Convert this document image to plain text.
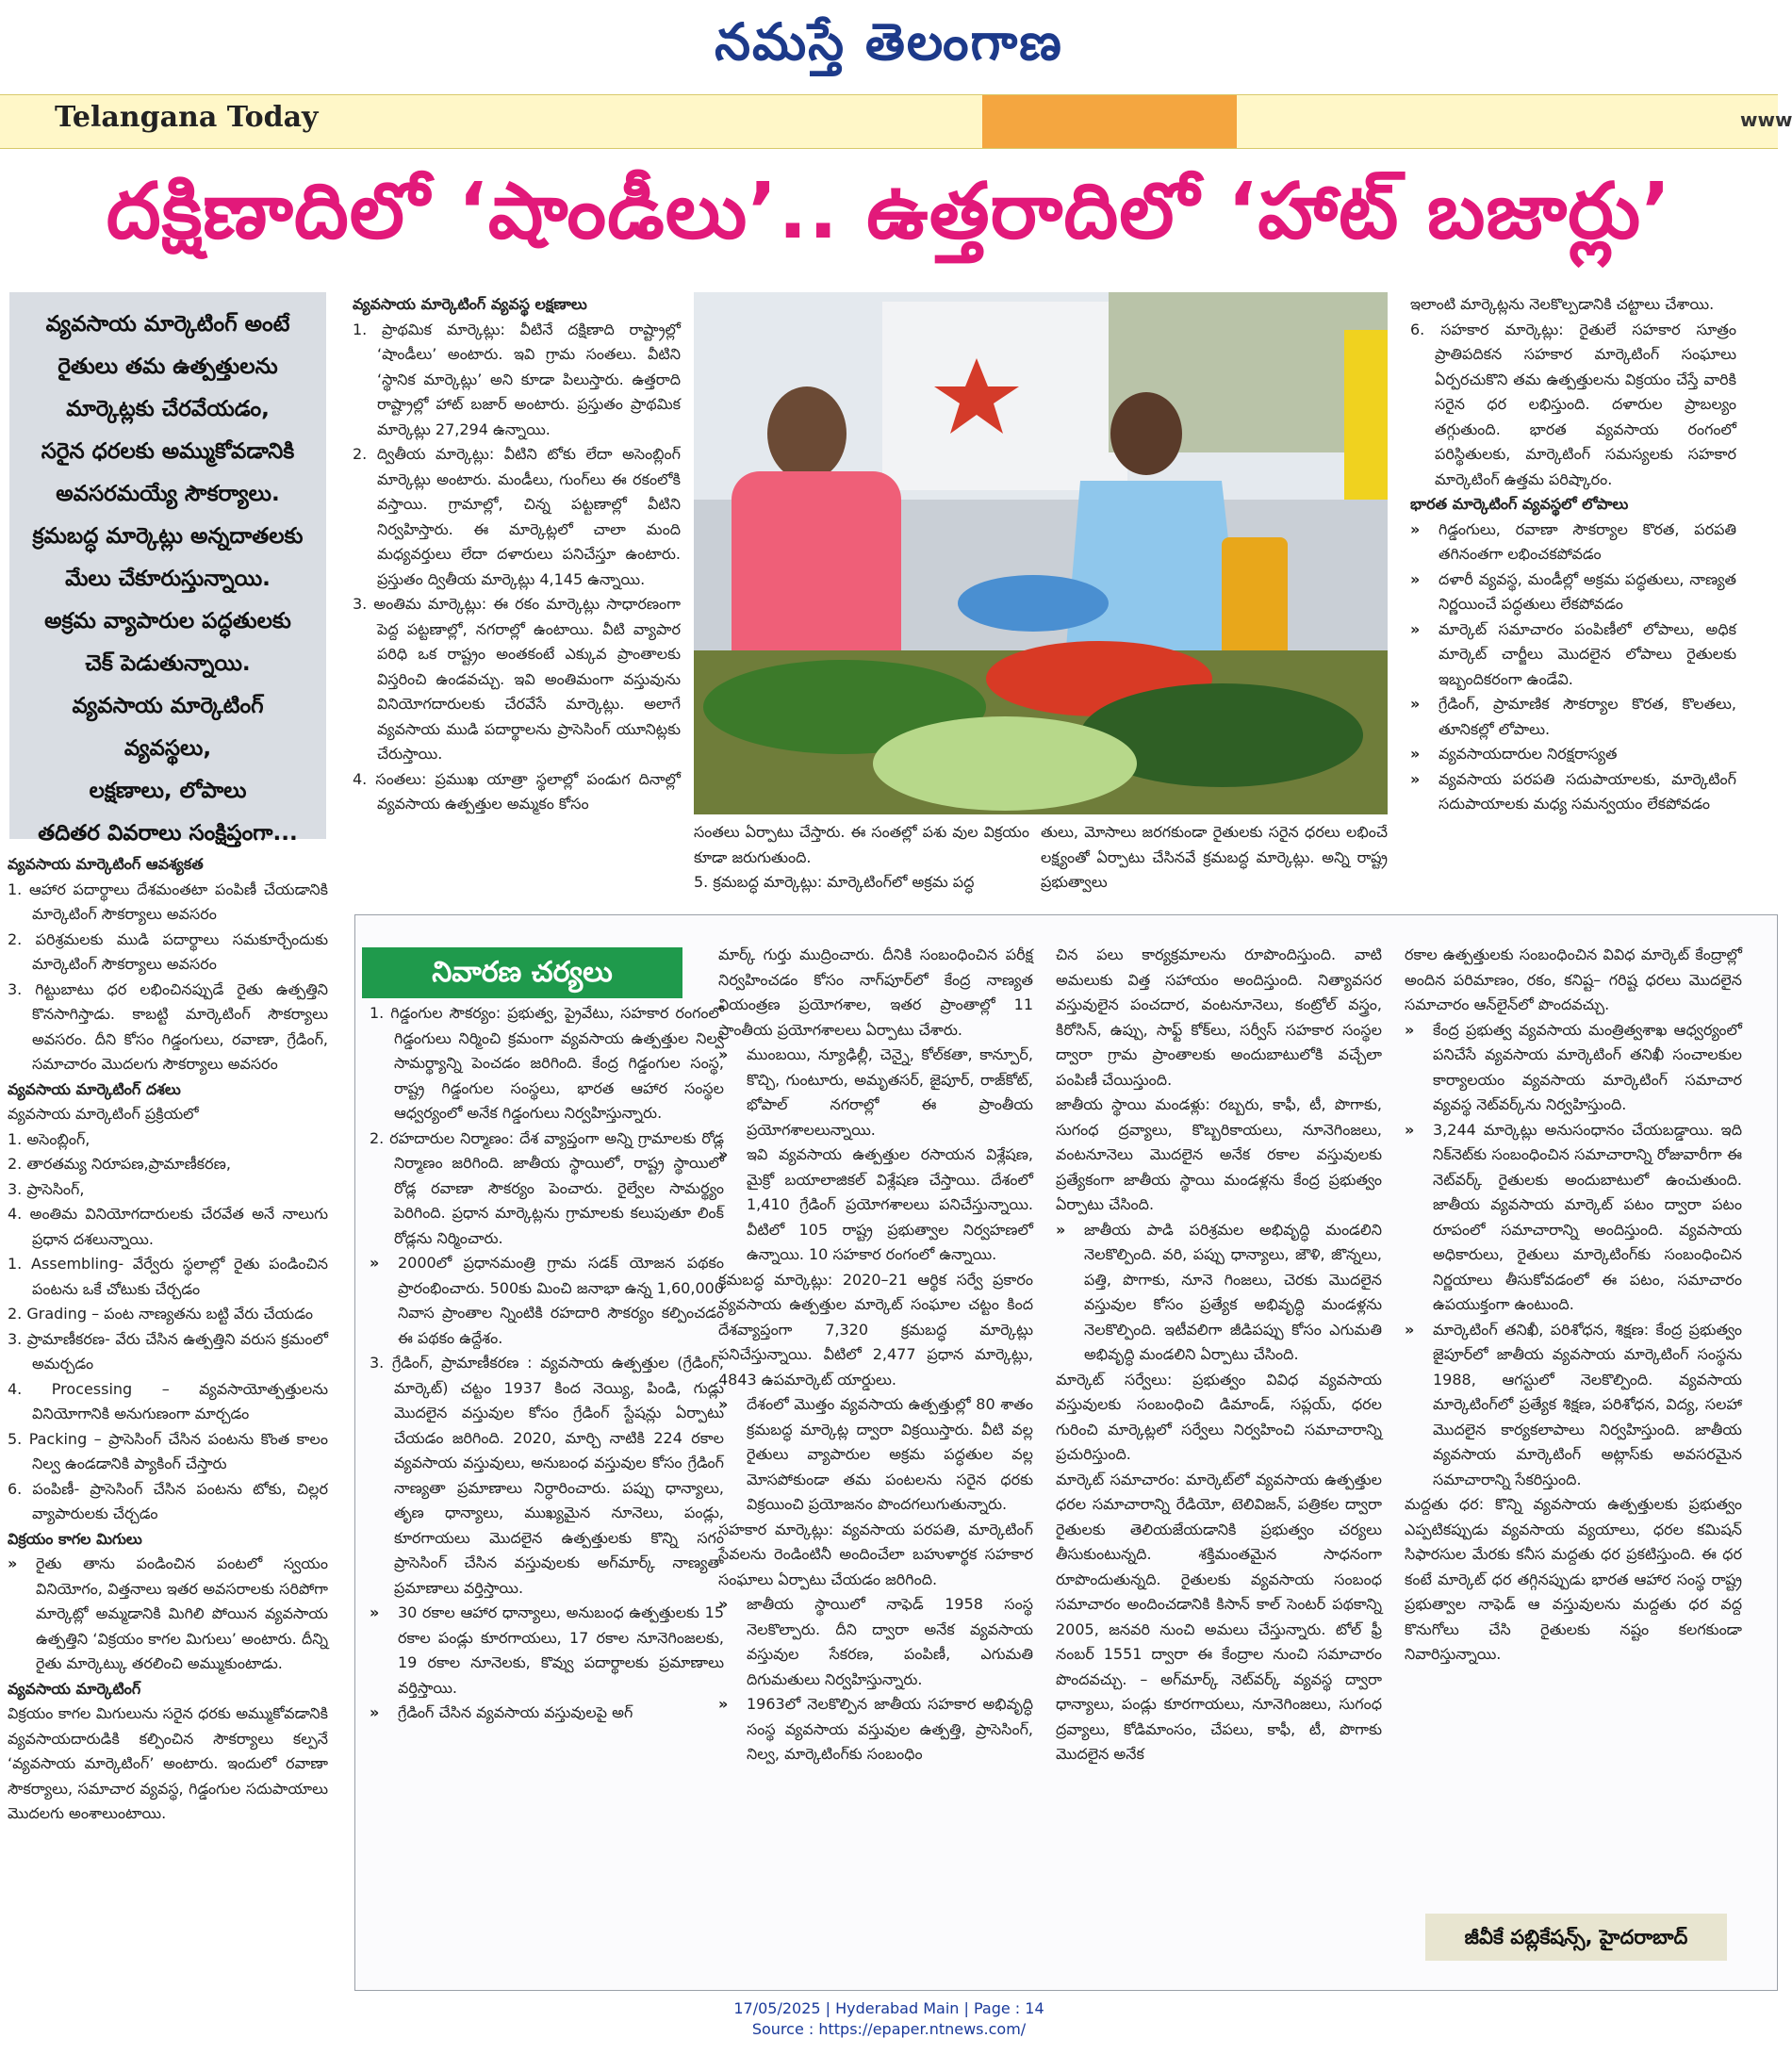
నమస్తే తెలంగాణ
Telangana Today	www
దక్షిణాదిలో ‘షాండీలు’.. ఉత్తరాదిలో ‘హాట్ బజార్లు’

వ్యవసాయ మార్కెటింగ్ అంటే

రైతులు తమ ఉత్పత్తులను

మార్కెట్లకు చేరవేయడం,

సరైన ధరలకు అమ్ముకోవడానికి

అవసరమయ్యే సౌకర్యాలు.

క్రమబద్ధ మార్కెట్లు అన్నదాతలకు

మేలు చేకూరుస్తున్నాయి.

అక్రమ వ్యాపారుల పద్ధతులకు

చెక్ పెడుతున్నాయి.

వ్యవసాయ మార్కెటింగ్ వ్యవస్థలు,

లక్షణాలు, లోపాలు

తదితర వివరాలు సంక్షిప్తంగా...

వ్యవసాయ మార్కెటింగ్ ఆవశ్యకత

1. ఆహార పదార్థాలు దేశమంతటా పంపిణీ చేయడానికి మార్కెటింగ్ సౌకర్యాలు అవసరం

2. పరిశ్రమలకు ముడి పదార్థాలు సమకూర్చేందుకు మార్కెటింగ్ సౌకర్యాలు అవసరం

3. గిట్టుబాటు ధర లభించినప్పుడే రైతు ఉత్పత్తిని కొనసాగిస్తాడు. కాబట్టి మార్కెటింగ్ సౌకర్యాలు అవసరం. దీని కోసం గిడ్డంగులు, రవాణా, గ్రేడింగ్, సమాచారం మొదలగు సౌకర్యాలు అవసరం

వ్యవసాయ మార్కెటింగ్ దశలు

వ్యవసాయ మార్కెటింగ్ ప్రక్రియలో

1. అసెంబ్లింగ్,

2. తారతమ్య నిరూపణ,ప్రామాణీకరణ,

3. ప్రాసెసింగ్,

4. అంతిమ వినియోగదారులకు చేరవేత అనే నాలుగు ప్రధాన దశలున్నాయి.

1. Assembling- వేర్వేరు స్థలాల్లో రైతు పండించిన పంటను ఒకే చోటుకు చేర్చడం

2. Grading – పంట నాణ్యతను బట్టి వేరు చేయడం

3. ప్రామాణీకరణ- వేరు చేసిన ఉత్పత్తిని వరుస క్రమంలో అమర్చడం

4. Processing – వ్యవసాయోత్పత్తులను వినియోగానికి అనుగుణంగా మార్చడం

5. Packing – ప్రాసెసింగ్ చేసిన పంటను కొంత కాలం నిల్వ ఉండడానికి ప్యాకింగ్ చేస్తారు

6. పంపిణీ- ప్రాసెసింగ్ చేసిన పంటను టోకు, చిల్లర వ్యాపారులకు చేర్చడం

విక్రయం కాగల మిగులు

» రైతు తాను పండించిన పంటలో స్వయం వినియోగం, విత్తనాలు ఇతర అవసరాలకు సరిపోగా మార్కెట్లో అమ్మడానికి మిగిలి పోయిన వ్యవసాయ ఉత్పత్తిని ‘విక్రయం కాగల మిగులు’ అంటారు. దీన్ని రైతు మార్కెట్కు తరలించి అమ్ముకుంటాడు.

వ్యవసాయ మార్కెటింగ్

విక్రయం కాగల మిగులును సరైన ధరకు అమ్ముకోవడానికి వ్యవసాయదారుడికి కల్పించిన సౌకర్యాలు కల్పనే ‘వ్యవసాయ మార్కెటింగ్’ అంటారు. ఇందులో రవాణా సౌకర్యాలు, సమాచార వ్యవస్థ, గిడ్డంగుల సదుపాయాలు మొదలగు అంశాలుంటాయి.

వ్యవసాయ మార్కెటింగ్ వ్యవస్థ లక్షణాలు

1. ప్రాథమిక మార్కెట్లు: వీటినే దక్షిణాది రాష్ట్రాల్లో ‘షాండీలు’ అంటారు. ఇవి గ్రామ సంతలు. వీటిని ‘స్థానిక మార్కెట్లు’ అని కూడా పిలుస్తారు. ఉత్తరాది రాష్ట్రాల్లో హాట్ బజార్ అంటారు. ప్రస్తుతం ప్రాథమిక మార్కెట్లు 27,294 ఉన్నాయి.

2. ద్వితీయ మార్కెట్లు: వీటిని టోకు లేదా అసెంబ్లింగ్ మార్కెట్లు అంటారు. మండీలు, గుంగ్‌లు ఈ రకంలోకి వస్తాయి. గ్రామాల్లో, చిన్న పట్టణాల్లో వీటిని నిర్వహిస్తారు. ఈ మార్కెట్లలో చాలా మంది మధ్యవర్తులు లేదా దళారులు పనిచేస్తూ ఉంటారు. ప్రస్తుతం ద్వితీయ మార్కెట్లు 4,145 ఉన్నాయి.

3. అంతిమ మార్కెట్లు: ఈ రకం మార్కెట్లు సాధారణంగా పెద్ద పట్టణాల్లో, నగరాల్లో ఉంటాయి. వీటి వ్యాపార పరిధి ఒక రాష్ట్రం అంతకంటే ఎక్కువ ప్రాంతాలకు విస్తరించి ఉండవచ్చు. ఇవి అంతిమంగా వస్తువును వినియోగదారులకు చేరవేసే మార్కెట్లు. అలాగే వ్యవసాయ ముడి పదార్థాలను ప్రాసెసింగ్ యూనిట్లకు చేరుస్తాయి.

4. సంతలు: ప్రముఖ యాత్రా స్థలాల్లో పండుగ దినాల్లో వ్యవసాయ ఉత్పత్తుల అమ్మకం కోసం

సంతలు ఏర్పాటు చేస్తారు. ఈ సంతల్లో పశు వుల విక్రయం కూడా జరుగుతుంది.

5. క్రమబద్ధ మార్కెట్లు: మార్కెటింగ్‌లో అక్రమ పద్ధ

తులు, మోసాలు జరగకుండా రైతులకు సరైన ధరలు లభించే లక్ష్యంతో ఏర్పాటు చేసినవే క్రమబద్ధ మార్కెట్లు. అన్ని రాష్ట్ర ప్రభుత్వాలు

ఇలాంటి మార్కెట్లను నెలకొల్పడానికి చట్టాలు చేశాయి.

6. సహకార మార్కెట్లు: రైతులే సహకార సూత్రం ప్రాతిపదికన సహకార మార్కెటింగ్ సంఘాలు ఏర్పరచుకొని తమ ఉత్పత్తులను విక్రయం చేస్తే వారికి సరైన ధర లభిస్తుంది. దళారుల ప్రాబల్యం తగ్గుతుంది. భారత వ్యవసాయ రంగంలో పరిస్థితులకు, మార్కెటింగ్ సమస్యలకు సహకార మార్కెటింగ్ ఉత్తమ పరిష్కారం.

భారత మార్కెటింగ్ వ్యవస్థలో లోపాలు

» గిడ్డంగులు, రవాణా సౌకర్యాల కొరత, పరపతి తగినంతగా లభించకపోవడం

» దళారీ వ్యవస్థ, మండీల్లో అక్రమ పద్ధతులు, నాణ్యత నిర్ణయించే పద్ధతులు లేకపోవడం

» మార్కెట్ సమాచారం పంపిణీలో లోపాలు, అధిక మార్కెట్ చార్జీలు మొదలైన లోపాలు రైతులకు ఇబ్బందికరంగా ఉండేవి.

» గ్రేడింగ్, ప్రామాణిక సౌకర్యాల కొరత, కొలతలు, తూనికల్లో లోపాలు.

» వ్యవసాయదారుల నిరక్షరాస్యత

» వ్యవసాయ పరపతి సదుపాయాలకు, మార్కెటింగ్ సదుపాయాలకు మధ్య సమన్వయం లేకపోవడం

నివారణ చర్యలు

1. గిడ్డంగుల సౌకర్యం: ప్రభుత్వ, ప్రైవేటు, సహకార రంగంలో గిడ్డంగులు నిర్మించి క్రమంగా వ్యవసాయ ఉత్పత్తుల నిల్వ సామర్థ్యాన్ని పెంచడం జరిగింది. కేంద్ర గిడ్డంగుల సంస్థ, రాష్ట్ర గిడ్డంగుల సంస్థలు, భారత ఆహార సంస్థల ఆధ్వర్యంలో అనేక గిడ్డంగులు నిర్వహిస్తున్నారు.

2. రహదారుల నిర్మాణం: దేశ వ్యాప్తంగా అన్ని గ్రామాలకు రోడ్ల నిర్మాణం జరిగింది. జాతీయ స్థాయిలో, రాష్ట్ర స్థాయిలో రోడ్ల రవాణా సౌకర్యం పెంచారు. రైల్వేల సామర్థ్యం పెరిగింది. ప్రధాన మార్కెట్లను గ్రామాలకు కలుపుతూ లింక్ రోడ్లను నిర్మించారు.

» 2000లో ప్రధానమంత్రి గ్రామ సడక్ యోజన పథకం ప్రారంభించారు. 500కు మించి జనాభా ఉన్న 1,60,000 నివాస ప్రాంతాల న్నింటికి రహదారి సౌకర్యం కల్పించడం ఈ పథకం ఉద్దేశం.

3. గ్రేడింగ్, ప్రామాణీకరణ : వ్యవసాయ ఉత్పత్తుల (గ్రేడింగ్, మార్కెట్) చట్టం 1937 కింద నెయ్యి, పిండి, గుడ్లు మొదలైన వస్తువుల కోసం గ్రేడింగ్ స్టేషన్లు ఏర్పాటు చేయడం జరిగింది. 2020, మార్చి నాటికి 224 రకాల వ్యవసాయ వస్తువులు, అనుబంధ వస్తువుల కోసం గ్రేడింగ్ నాణ్యతా ప్రమాణాలు నిర్ధారించారు. పప్పు ధాన్యాలు, తృణ ధాన్యాలు, ముఖ్యమైన నూనెలు, పండ్లు, కూరగాయలు మొదలైన ఉత్పత్తులకు కొన్ని సగం ప్రాసెసింగ్ చేసిన వస్తువులకు అగ్‌మార్క్ నాణ్యతా ప్రమాణాలు వర్తిస్తాయి.

» 30 రకాల ఆహార ధాన్యాలు, అనుబంధ ఉత్పత్తులకు 15 రకాల పండ్లు కూరగాయలు, 17 రకాల నూనెగింజలకు, 19 రకాల నూనెలకు, కొవ్వు పదార్థాలకు ప్రమాణాలు వర్తిస్తాయి.

» గ్రేడింగ్ చేసిన వ్యవసాయ వస్తువులపై అగ్

మార్క్ గుర్తు ముద్రించారు. దీనికి సంబంధించిన పరీక్ష నిర్వహించడం కోసం నాగ్‌పూర్‌లో కేంద్ర నాణ్యత నియంత్రణ ప్రయోగశాల, ఇతర ప్రాంతాల్లో 11 ప్రాంతీయ ప్రయోగశాలలు ఏర్పాటు చేశారు.

» ముంబయి, న్యూఢిల్లీ, చెన్నై, కోల్‌కతా, కాన్పూర్, కొచ్చి, గుంటూరు, అమృతసర్, జైపూర్, రాజ్‌కోట్, భోపాల్ నగరాల్లో ఈ ప్రాంతీయ ప్రయోగశాలలున్నాయి.

» ఇవి వ్యవసాయ ఉత్పత్తుల రసాయన విశ్లేషణ, మైక్రో బయాలాజికల్ విశ్లేషణ చేస్తాయి. దేశంలో 1,410 గ్రేడింగ్ ప్రయోగశాలలు పనిచేస్తున్నాయి. వీటిలో 105 రాష్ట్ర ప్రభుత్వాల నిర్వహణలో ఉన్నాయి. 10 సహకార రంగంలో ఉన్నాయి.

క్రమబద్ధ మార్కెట్లు: 2020–21 ఆర్థిక సర్వే ప్రకారం వ్యవసాయ ఉత్పత్తుల మార్కెట్ సంఘాల చట్టం కింద దేశవ్యాప్తంగా 7,320 క్రమబద్ధ మార్కెట్లు పనిచేస్తున్నాయి. వీటిలో 2,477 ప్రధాన మార్కెట్లు, 4843 ఉపమార్కెట్ యార్డులు.

» దేశంలో మొత్తం వ్యవసాయ ఉత్పత్తుల్లో 80 శాతం క్రమబద్ధ మార్కెట్ల ద్వారా విక్రయిస్తారు. వీటి వల్ల రైతులు వ్యాపారుల అక్రమ పద్ధతుల వల్ల మోసపోకుండా తమ పంటలను సరైన ధరకు విక్రయించి ప్రయోజనం పొందగలుగుతున్నారు.

సహకార మార్కెట్లు: వ్యవసాయ పరపతి, మార్కెటింగ్ సేవలను రెండింటినీ అందించేలా బహుళార్థక సహకార సంఘాలు ఏర్పాటు చేయడం జరిగింది.

» జాతీయ స్థాయిలో నాఫెడ్ 1958 సంస్థ నెలకొల్పారు. దీని ద్వారా అనేక వ్యవసాయ వస్తువుల సేకరణ, పంపిణీ, ఎగుమతి దిగుమతులు నిర్వహిస్తున్నారు.

» 1963లో నెలకొల్పిన జాతీయ సహకార అభివృద్ధి సంస్థ వ్యవసాయ వస్తువుల ఉత్పత్తి, ప్రాసెసింగ్, నిల్వ, మార్కెటింగ్‌కు సంబంధిం

చిన పలు కార్యక్రమాలను రూపొందిస్తుంది. వాటి అమలుకు విత్త సహాయం అందిస్తుంది. నిత్యావసర వస్తువులైన పంచదార, వంటనూనెలు, కంట్రోల్ వస్త్రం, కిరోసిన్, ఉప్పు, సాఫ్ట్ కోక్‌లు, సర్వీస్ సహకార సంస్థల ద్వారా గ్రామ ప్రాంతాలకు అందుబాటులోకి వచ్చేలా పంపిణీ చేయిస్తుంది.

జాతీయ స్థాయి మండళ్లు: రబ్బరు, కాఫీ, టీ, పొగాకు, సుగంధ ద్రవ్యాలు, కొబ్బరికాయలు, నూనెగింజలు, వంటనూనెలు మొదలైన అనేక రకాల వస్తువులకు ప్రత్యేకంగా జాతీయ స్థాయి మండళ్లను కేంద్ర ప్రభుత్వం ఏర్పాటు చేసింది.

» జాతీయ పాడి పరిశ్రమల అభివృద్ధి మండలిని నెలకొల్పింది. వరి, పప్పు ధాన్యాలు, జౌళి, జొన్నలు, పత్తి, పొగాకు, నూనె గింజలు, చెరకు మొదలైన వస్తువుల కోసం ప్రత్యేక అభివృద్ధి మండళ్లను నెలకొల్పింది. ఇటీవలిగా జీడిపప్పు కోసం ఎగుమతి అభివృద్ధి మండలిని ఏర్పాటు చేసింది.

మార్కెట్ సర్వేలు: ప్రభుత్వం వివిధ వ్యవసాయ వస్తువులకు సంబంధించి డిమాండ్, సప్లయ్, ధరల గురించి మార్కెట్లలో సర్వేలు నిర్వహించి సమాచారాన్ని ప్రచురిస్తుంది.

మార్కెట్ సమాచారం: మార్కెట్‌లో వ్యవసాయ ఉత్పత్తుల ధరల సమాచారాన్ని రేడియో, టెలివిజన్, పత్రికల ద్వారా రైతులకు తెలియజేయడానికి ప్రభుత్వం చర్యలు తీసుకుంటున్నది. శక్తిమంతమైన సాధనంగా రూపొందుతున్నది. రైతులకు వ్యవసాయ సంబంధ సమాచారం అందించడానికి కిసాన్ కాల్ సెంటర్ పథకాన్ని 2005, జనవరి నుంచి అమలు చేస్తున్నారు. టోల్ ఫ్రీ నంబర్ 1551 ద్వారా ఈ కేంద్రాల నుంచి సమాచారం పొందవచ్చు. – అగ్‌మార్క్ నెట్‌వర్క్ వ్యవస్థ ద్వారా ధాన్యాలు, పండ్లు కూరగాయలు, నూనెగింజలు, సుగంధ ద్రవ్యాలు, కోడిమాంసం, చేపలు, కాఫీ, టీ, పొగాకు మొదలైన అనేక

రకాల ఉత్పత్తులకు సంబంధించిన వివిధ మార్కెట్ కేంద్రాల్లో అందిన పరిమాణం, రకం, కనిష్ట– గరిష్ట ధరలు మొదలైన సమాచారం ఆన్‌లైన్‌లో పొందవచ్చు.

» కేంద్ర ప్రభుత్వ వ్యవసాయ మంత్రిత్వశాఖ ఆధ్వర్యంలో పనిచేసే వ్యవసాయ మార్కెటింగ్ తనిఖీ సంచాలకుల కార్యాలయం వ్యవసాయ మార్కెటింగ్ సమాచార వ్యవస్థ నెట్‌వర్క్‌ను నిర్వహిస్తుంది.

» 3,244 మార్కెట్లు అనుసంధానం చేయబడ్డాయి. ఇది నిక్‌నెట్‌కు సంబంధించిన సమాచారాన్ని రోజువారీగా ఈ నెట్‌వర్క్ రైతులకు అందుబాటులో ఉంచుతుంది. జాతీయ వ్యవసాయ మార్కెట్ పటం ద్వారా పటం రూపంలో సమాచారాన్ని అందిస్తుంది. వ్యవసాయ అధికారులు, రైతులు మార్కెటింగ్‌కు సంబంధించిన నిర్ణయాలు తీసుకోవడంలో ఈ పటం, సమాచారం ఉపయుక్తంగా ఉంటుంది.

» మార్కెటింగ్ తనిఖీ, పరిశోధన, శిక్షణ: కేంద్ర ప్రభుత్వం జైపూర్‌లో జాతీయ వ్యవసాయ మార్కెటింగ్ సంస్థను 1988, ఆగస్టులో నెలకొల్పింది. వ్యవసాయ మార్కెటింగ్‌లో ప్రత్యేక శిక్షణ, పరిశోధన, విద్య, సలహా మొదలైన కార్యకలాపాలు నిర్వహిస్తుంది. జాతీయ వ్యవసాయ మార్కెటింగ్ అట్లాస్‌కు అవసరమైన సమాచారాన్ని సేకరిస్తుంది.

మద్దతు ధర: కొన్ని వ్యవసాయ ఉత్పత్తులకు ప్రభుత్వం ఎప్పటికప్పుడు వ్యవసాయ వ్యయాలు, ధరల కమిషన్ సిఫారసుల మేరకు కనీస మద్దతు ధర ప్రకటిస్తుంది. ఈ ధర కంటే మార్కెట్ ధర తగ్గినప్పుడు భారత ఆహార సంస్థ రాష్ట్ర ప్రభుత్వాల నాఫెడ్ ఆ వస్తువులను మద్దతు ధర వద్ద కొనుగోలు చేసి రైతులకు నష్టం కలగకుండా నివారిస్తున్నాయి.

జీవీకే పబ్లికేషన్స్, హైదరాబాద్
17/05/2025 | Hyderabad Main | Page : 14
Source : https://epaper.ntnews.com/
